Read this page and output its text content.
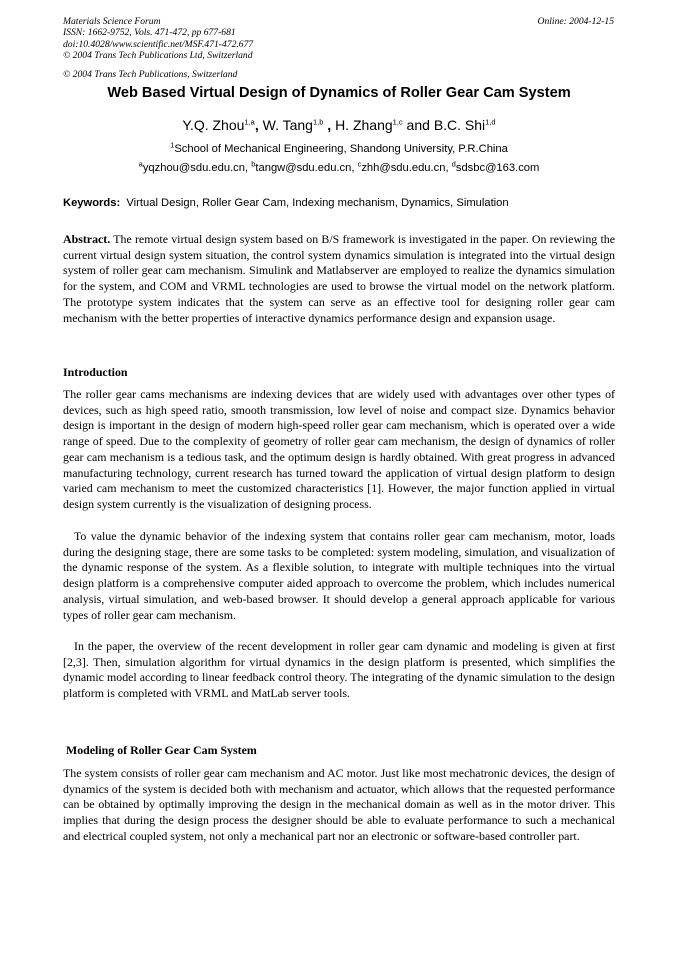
Materials Science Forum
ISSN: 1662-9752, Vols. 471-472, pp 677-681
doi:10.4028/www.scientific.net/MSF.471-472.677
© 2004 Trans Tech Publications Ltd, Switzerland
Online: 2004-12-15
© 2004 Trans Tech Publications, Switzerland
Web Based Virtual Design of Dynamics of Roller Gear Cam System
Y.Q. Zhou$^{1,a}$, W. Tang$^{1,b}$ , H. Zhang$^{1,c}$ and B.C. Shi$^{1,d}$
$^1$School of Mechanical Engineering, Shandong University, P.R.China
$^a$yqzhou@sdu.edu.cn, $^b$tangw@sdu.edu.cn, $^c$zhh@sdu.edu.cn, $^d$sdsbc@163.com
Keywords: Virtual Design, Roller Gear Cam, Indexing mechanism, Dynamics, Simulation

Abstract. The remote virtual design system based on B/S framework is investigated in the paper. On reviewing the current virtual design system situation, the control system dynamics simulation is integrated into the virtual design system of roller gear cam mechanism. Simulink and Matlabserver are employed to realize the dynamics simulation for the system, and COM and VRML technologies are used to browse the virtual model on the network platform. The prototype system indicates that the system can serve as an effective tool for designing roller gear cam mechanism with the better properties of interactive dynamics performance design and expansion usage.

Introduction

The roller gear cams mechanisms are indexing devices that are widely used with advantages over other types of devices, such as high speed ratio, smooth transmission, low level of noise and compact size. Dynamics behavior design is important in the design of modern high-speed roller gear cam mechanism, which is operated over a wide range of speed. Due to the complexity of geometry of roller gear cam mechanism, the design of dynamics of roller gear cam mechanism is a tedious task, and the optimum design is hardly obtained. With great progress in advanced manufacturing technology, current research has turned toward the application of virtual design platform to design varied cam mechanism to meet the customized characteristics [1]. However, the major function applied in virtual design system currently is the visualization of designing process.

To value the dynamic behavior of the indexing system that contains roller gear cam mechanism, motor, loads during the designing stage, there are some tasks to be completed: system modeling, simulation, and visualization of the dynamic response of the system. As a flexible solution, to integrate with multiple techniques into the virtual design platform is a comprehensive computer aided approach to overcome the problem, which includes numerical analysis, virtual simulation, and web-based browser. It should develop a general approach applicable for various types of roller gear cam mechanism.

In the paper, the overview of the recent development in roller gear cam dynamic and modeling is given at first [2,3]. Then, simulation algorithm for virtual dynamics in the design platform is presented, which simplifies the dynamic model according to linear feedback control theory. The integrating of the dynamic simulation to the design platform is completed with VRML and MatLab server tools.

Modeling of Roller Gear Cam System

The system consists of roller gear cam mechanism and AC motor. Just like most mechatronic devices, the design of dynamics of the system is decided both with mechanism and actuator, which allows that the requested performance can be obtained by optimally improving the design in the mechanical domain as well as in the motor driver. This implies that during the design process the designer should be able to evaluate performance to such a mechanical and electrical coupled system, not only a mechanical part nor an electronic or software-based controller part.
